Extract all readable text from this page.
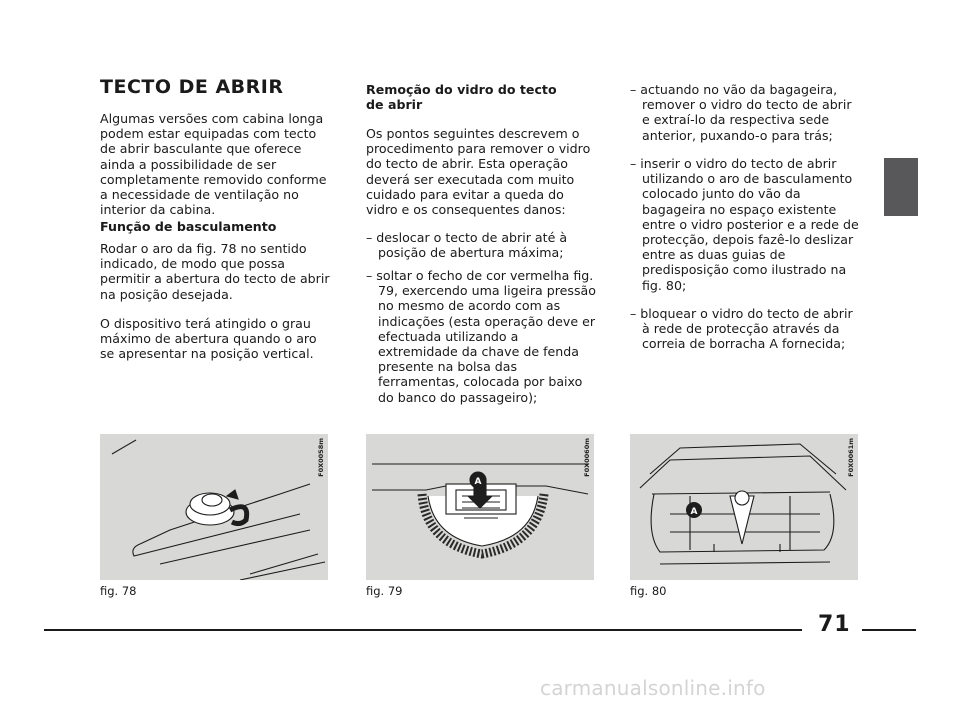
TECTO DE ABRIR

Algumas versões com cabina longa podem estar equipadas com tecto de abrir basculante que oferece ainda a possibilidade de ser completamente removido conforme a necessidade de ventilação no interior da cabina.

Função de basculamento

Rodar o aro da fig. 78 no sentido indicado, de modo que possa permitir a abertura do tecto de abrir na posição desejada.

O dispositivo terá atingido o grau máximo de abertura quando o aro se apresentar na posição vertical.

Remoção do vidro do tecto de abrir

Os pontos seguintes descrevem o procedimento para remover o vidro do tecto de abrir. Esta operação deverá ser executada com muito cuidado para evitar a queda do vidro e os consequentes danos:

– deslocar o tecto de abrir até à posição de abertura máxima;

– soltar o fecho de cor vermelha fig. 79, exercendo uma ligeira pressão no mesmo de acordo com as indicações (esta operação deve er efectuada utilizando a extremidade da chave de fenda presente na bolsa das ferramentas, colocada por baixo do banco do passageiro);

– actuando no vão da bagageira, remover o vidro do tecto de abrir e extraí-lo da respectiva sede anterior, puxando-o para trás;

– inserir o vidro do tecto de abrir utilizando o aro de basculamento colocado junto do vão da bagageira no espaço existente entre o vidro posterior e a rede de protecção, depois fazê-lo deslizar entre as duas guias de predisposição como ilustrado na fig. 80;

– bloquear o vidro do tecto de abrir à rede de protecção através da correia de borracha A fornecida;

F0X0058m
fig. 78
A
F0X0060m
fig. 79
A
F0X0061m
fig. 80
71
carmanualsonline.info
